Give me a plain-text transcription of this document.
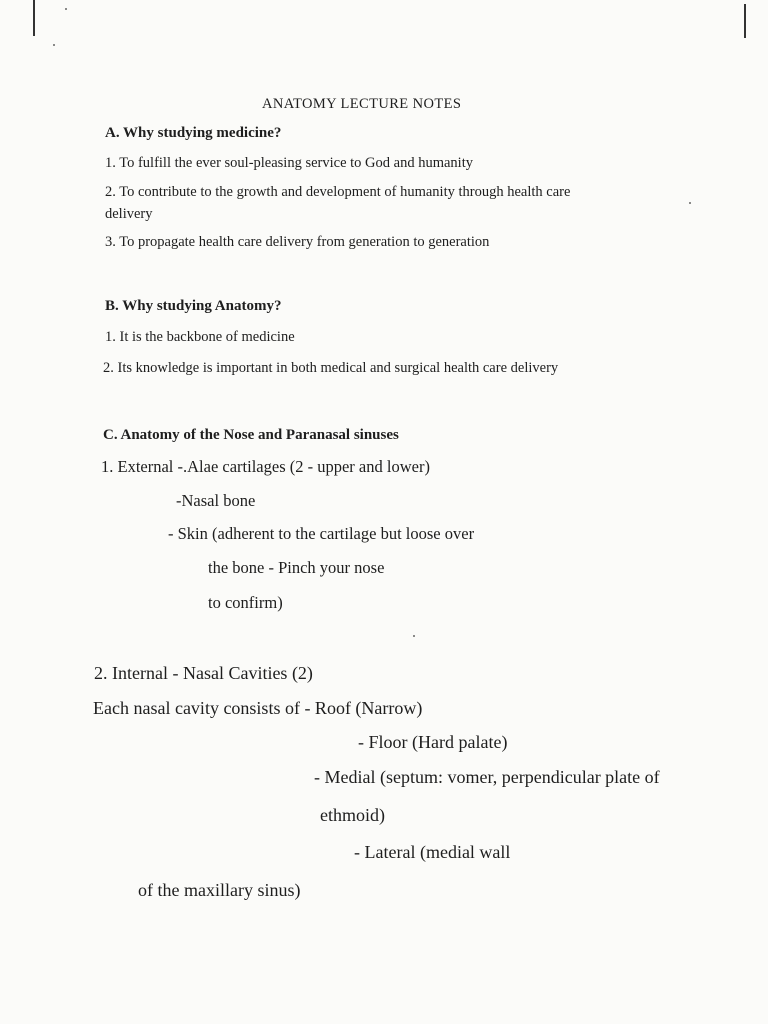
ANATOMY LECTURE NOTES
A. Why studying medicine?
1. To fulfill the ever soul-pleasing service to God and humanity
2. To contribute to the growth and development of humanity through health care
delivery
3. To propagate health care delivery from generation to generation
B. Why studying Anatomy?
1. It is the backbone of medicine
2. Its knowledge is important in both medical and surgical health care delivery
C. Anatomy of the Nose and Paranasal sinuses
1. External -.Alae cartilages (2 - upper and lower)
-Nasal bone
- Skin (adherent to the cartilage but loose over
the bone - Pinch your nose
to confirm)
2. Internal - Nasal Cavities (2)
Each nasal cavity consists of - Roof (Narrow)
- Floor (Hard palate)
- Medial (septum: vomer, perpendicular plate of
ethmoid)
- Lateral (medial wall
of the maxillary sinus)
